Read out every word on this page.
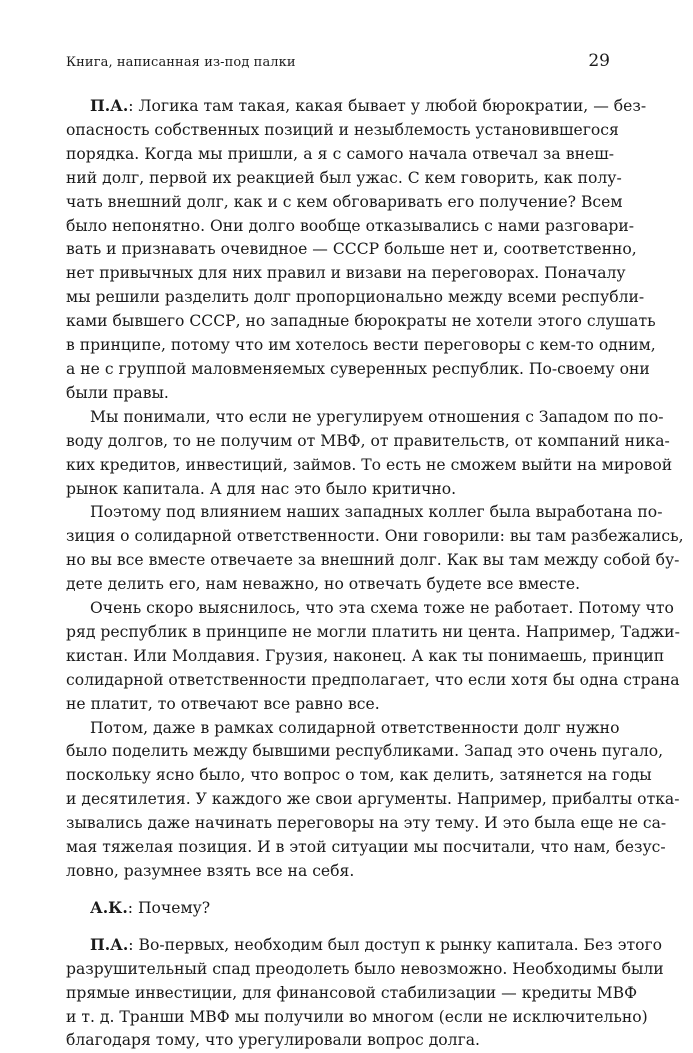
Книга, написанная из-под палки	29
П.А.: Логика там такая, какая бывает у любой бюрократии, — без-
опасность собственных позиций и незыблемость установившегося
порядка. Когда мы пришли, а я с самого начала отвечал за внеш-
ний долг, первой их реакцией был ужас. С кем говорить, как полу-
чать внешний долг, как и с кем обговаривать его получение? Всем
было непонятно. Они долго вообще отказывались с нами разговари-
вать и признавать очевидное — СССР больше нет и, соответственно,
нет привычных для них правил и визави на переговорах. Поначалу
мы решили разделить долг пропорционально между всеми республи-
ками бывшего СССР, но западные бюрократы не хотели этого слушать
в принципе, потому что им хотелось вести переговоры с кем-то одним,
а не с группой маловменяемых суверенных республик. По-своему они
были правы.
Мы понимали, что если не урегулируем отношения с Западом по по-
воду долгов, то не получим от МВФ, от правительств, от компаний ника-
ких кредитов, инвестиций, займов. То есть не сможем выйти на мировой
рынок капитала. А для нас это было критично.
Поэтому под влиянием наших западных коллег была выработана по-
зиция о солидарной ответственности. Они говорили: вы там разбежались,
но вы все вместе отвечаете за внешний долг. Как вы там между собой бу-
дете делить его, нам неважно, но отвечать будете все вместе.
Очень скоро выяснилось, что эта схема тоже не работает. Потому что
ряд республик в принципе не могли платить ни цента. Например, Таджи-
кистан. Или Молдавия. Грузия, наконец. А как ты понимаешь, принцип
солидарной ответственности предполагает, что если хотя бы одна страна
не платит, то отвечают все равно все.
Потом, даже в рамках солидарной ответственности долг нужно
было поделить между бывшими республиками. Запад это очень пугало,
поскольку ясно было, что вопрос о том, как делить, затянется на годы
и десятилетия. У каждого же свои аргументы. Например, прибалты отка-
зывались даже начинать переговоры на эту тему. И это была еще не са-
мая тяжелая позиция. И в этой ситуации мы посчитали, что нам, безус-
ловно, разумнее взять все на себя.
А.К.: Почему?
П.А.: Во-первых, необходим был доступ к рынку капитала. Без этого
разрушительный спад преодолеть было невозможно. Необходимы были
прямые инвестиции, для финансовой стабилизации — кредиты МВФ
и т. д. Транши МВФ мы получили во многом (если не исключительно)
благодаря тому, что урегулировали вопрос долга.
